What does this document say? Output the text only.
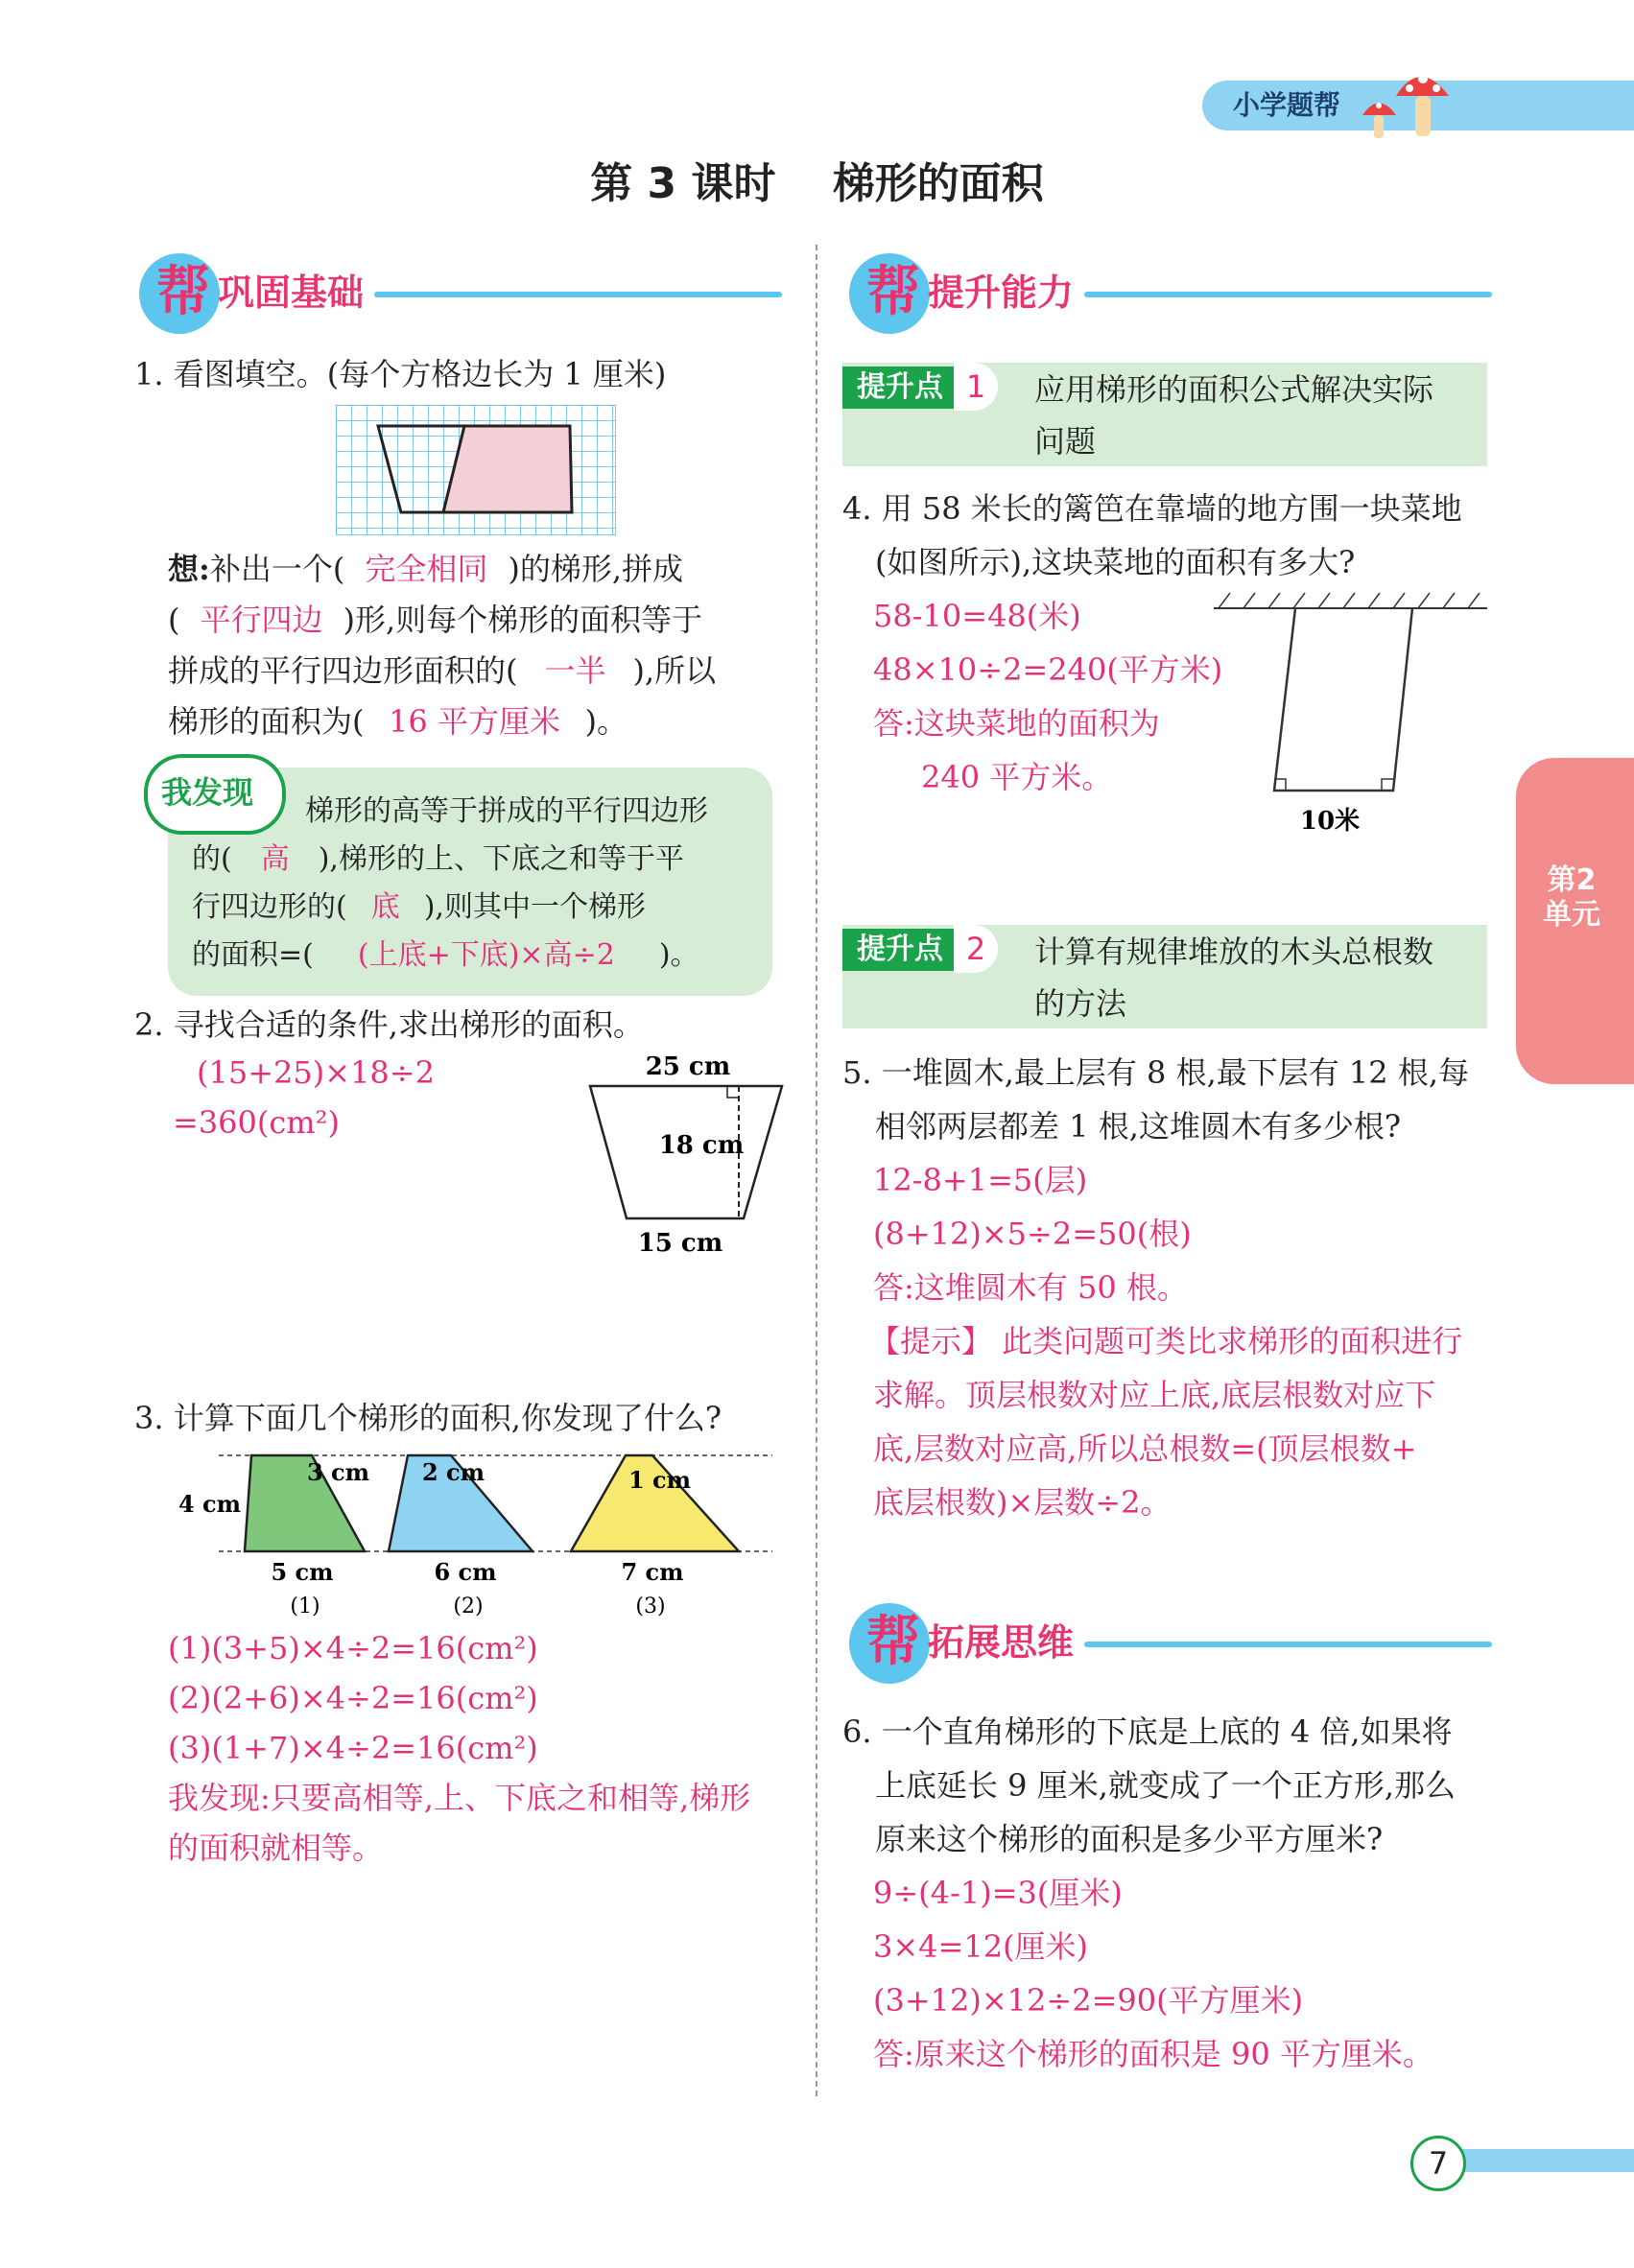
小学题帮
第 3 课时　 梯形的面积
帮 巩固基础
1. 看图填空。(每个方格边长为 1 厘米)
想:补出一个( 完全相同 )的梯形,拼成
( 平行四边 )形,则每个梯形的面积等于
拼成的平行四边形面积的( 一半 ),所以
梯形的面积为( 16 平方厘米 )。
我发现
梯形的高等于拼成的平行四边形
的( 高 ),梯形的上、下底之和等于平
行四边形的( 底 ),则其中一个梯形
的面积=( (上底+下底)×高÷2 )。
2. 寻找合适的条件,求出梯形的面积。
(15+25)×18÷2
=360(cm²)
25 cm
18 cm
15 cm
3. 计算下面几个梯形的面积,你发现了什么?
4 cm
3 cm 2 cm	1 cm
5 cm	6 cm	7 cm
(1)	(2)	(3)
(1)(3+5)×4÷2=16(cm²)
(2)(2+6)×4÷2=16(cm²)
(3)(1+7)×4÷2=16(cm²)
我发现:只要高相等,上、下底之和相等,梯形
的面积就相等。
帮 提升能力
提升点 1	应用梯形的面积公式解决实际
问题
4. 用 58 米长的篱笆在靠墙的地方围一块菜地
(如图所示),这块菜地的面积有多大?
58-10=48(米)
48×10÷2=240(平方米)
答:这块菜地的面积为
240 平方米。
10米
提升点 2	计算有规律堆放的木头总根数
的方法
5. 一堆圆木,最上层有 8 根,最下层有 12 根,每
相邻两层都差 1 根,这堆圆木有多少根?
12-8+1=5(层)
(8+12)×5÷2=50(根)
答:这堆圆木有 50 根。
【提示】 此类问题可类比求梯形的面积进行
求解。顶层根数对应上底,底层根数对应下
底,层数对应高,所以总根数=(顶层根数+
底层根数)×层数÷2。
帮 拓展思维
6. 一个直角梯形的下底是上底的 4 倍,如果将
上底延长 9 厘米,就变成了一个正方形,那么
原来这个梯形的面积是多少平方厘米?
9÷(4-1)=3(厘米)
3×4=12(厘米)
(3+12)×12÷2=90(平方厘米)
答:原来这个梯形的面积是 90 平方厘米。
第2单元
7
